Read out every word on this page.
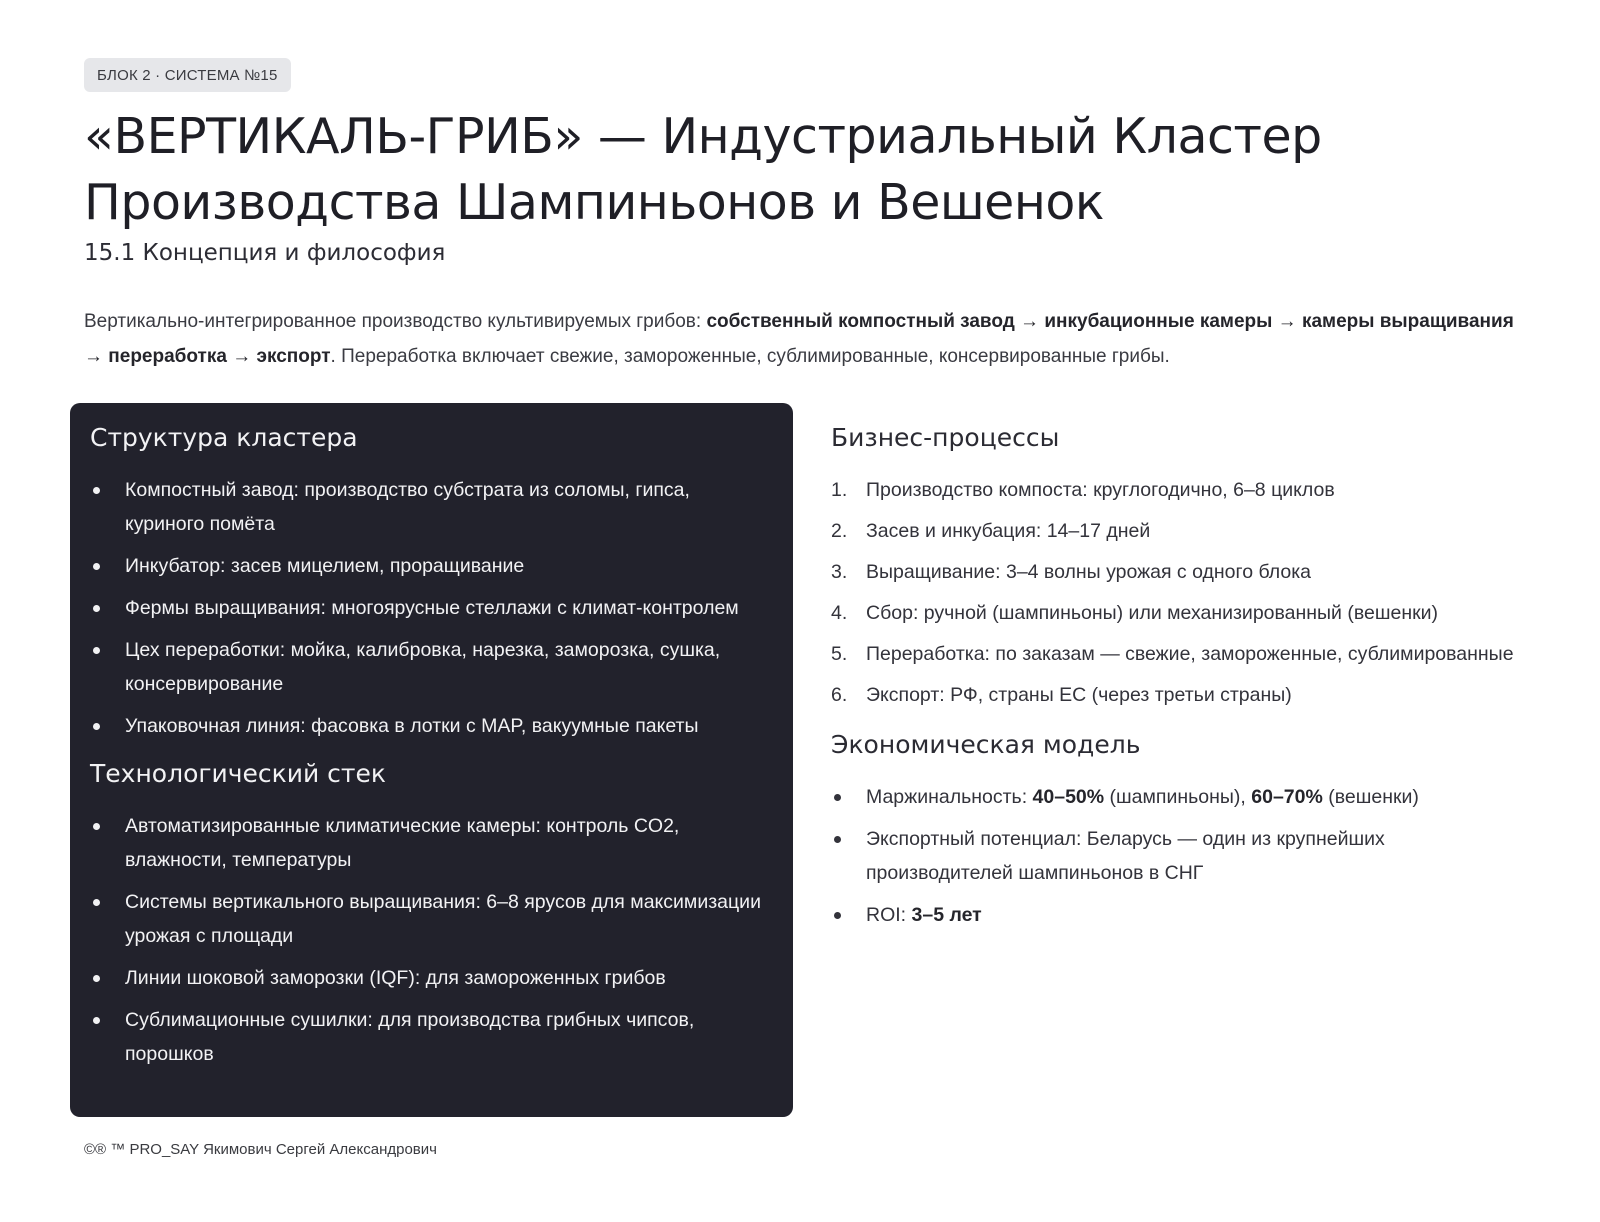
БЛОК 2 · СИСТЕМА №15
«ВЕРТИКАЛЬ-ГРИБ» — Индустриальный Кластер Производства Шампиньонов и Вешенок
15.1 Концепция и философия

Вертикально-интегрированное производство культивируемых грибов: собственный компостный завод → инкубационные камеры → камеры выращивания → переработка → экспорт. Переработка включает свежие, замороженные, сублимированные, консервированные грибы.

Структура кластера
Компостный завод: производство субстрата из соломы, гипса, куриного помёта
Инкубатор: засев мицелием, проращивание
Фермы выращивания: многоярусные стеллажи с климат-контролем
Цех переработки: мойка, калибровка, нарезка, заморозка, сушка, консервирование
Упаковочная линия: фасовка в лотки с MAP, вакуумные пакеты
Технологический стек
Автоматизированные климатические камеры: контроль CO2, влажности, температуры
Системы вертикального выращивания: 6–8 ярусов для максимизации урожая с площади
Линии шоковой заморозки (IQF): для замороженных грибов
Сублимационные сушилки: для производства грибных чипсов, порошков
Бизнес-процессы
1. Производство компоста: круглогодично, 6–8 циклов
2. Засев и инкубация: 14–17 дней
3. Выращивание: 3–4 волны урожая с одного блока
4. Сбор: ручной (шампиньоны) или механизированный (вешенки)
5. Переработка: по заказам — свежие, замороженные, сублимированные
6. Экспорт: РФ, страны ЕС (через третьи страны)
Экономическая модель
Маржинальность: 40–50% (шампиньоны), 60–70% (вешенки)
Экспортный потенциал: Беларусь — один из крупнейших производителей шампиньонов в СНГ
ROI: 3–5 лет
©® ™ PRO_SAY Якимович Сергей Александрович
